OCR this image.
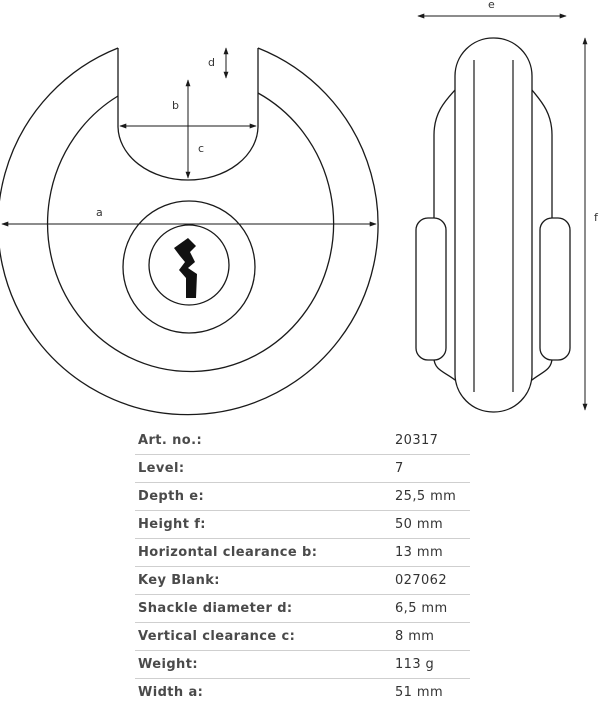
a
b
c
d
e
f
Art. no.:	20317
Level:	7
Depth e:	25,5 mm
Height f:	50 mm
Horizontal clearance b:	13 mm
Key Blank:	027062
Shackle diameter d:	6,5 mm
Vertical clearance c:	8 mm
Weight:	113 g
Width a:	51 mm
